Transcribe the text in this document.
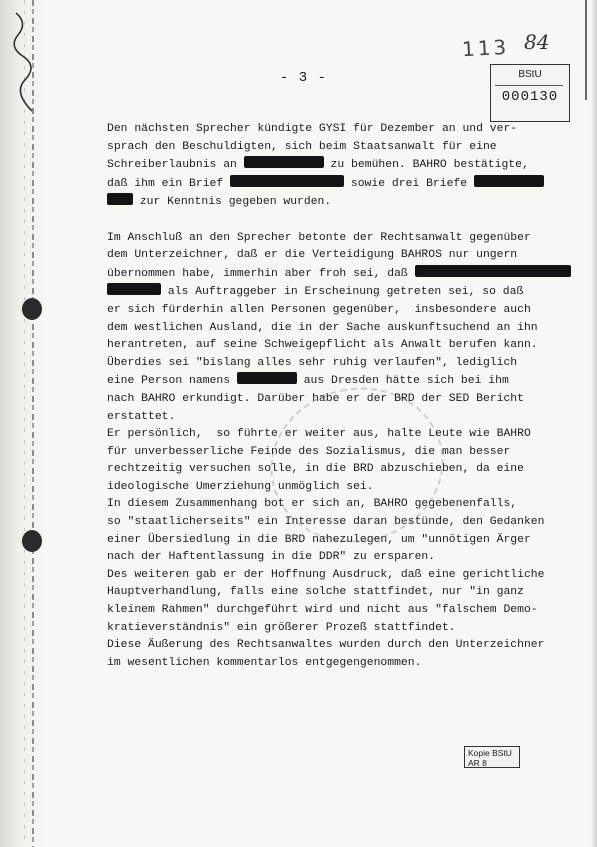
113 84
BStU
000130
- 3 -
Den nächsten Sprecher kündigte GYSI für Dezember an und ver-
sprach den Beschuldigten, sich beim Staatsanwalt für eine
Schreiberlaubnis an	zu bemühen. BAHRO bestätigte,
daß ihm ein Brief	sowie drei Briefe
zur Kenntnis gegeben wurden.
Im Anschluß an den Sprecher betonte der Rechtsanwalt gegenüber
dem Unterzeichner, daß er die Verteidigung BAHROS nur ungern
übernommen habe, immerhin aber froh sei, daß
als Auftraggeber in Erscheinung getreten sei, so daß
er sich fürderhin allen Personen gegenüber,  insbesondere auch
dem westlichen Ausland, die in der Sache auskunftsuchend an ihn
herantreten, auf seine Schweigepflicht als Anwalt berufen kann.
Überdies sei "bislang alles sehr ruhig verlaufen", lediglich
eine Person namens	aus Dresden hätte sich bei ihm
nach BAHRO erkundigt. Darüber habe er der BRD der SED Bericht
erstattet.
Er persönlich,  so führte er weiter aus, halte Leute wie BAHRO
für unverbesserliche Feinde des Sozialismus, die man besser
rechtzeitig versuchen solle, in die BRD abzuschieben, da eine
ideologische Umerziehung unmöglich sei.
In diesem Zusammenhang bot er sich an, BAHRO gegebenenfalls,
so "staatlicherseits" ein Interesse daran bestünde, den Gedanken
einer Übersiedlung in die BRD nahezulegen, um "unnötigen Ärger
nach der Haftentlassung in die DDR" zu ersparen.
Des weiteren gab er der Hoffnung Ausdruck, daß eine gerichtliche
Hauptverhandlung, falls eine solche stattfindet, nur "in ganz
kleinem Rahmen" durchgeführt wird und nicht aus "falschem Demo-
kratieverständnis" ein größerer Prozeß stattfindet.
Diese Äußerung des Rechtsanwaltes wurden durch den Unterzeichner
im wesentlichen kommentarlos entgegengenommen.
Kopie BStU
AR 8
